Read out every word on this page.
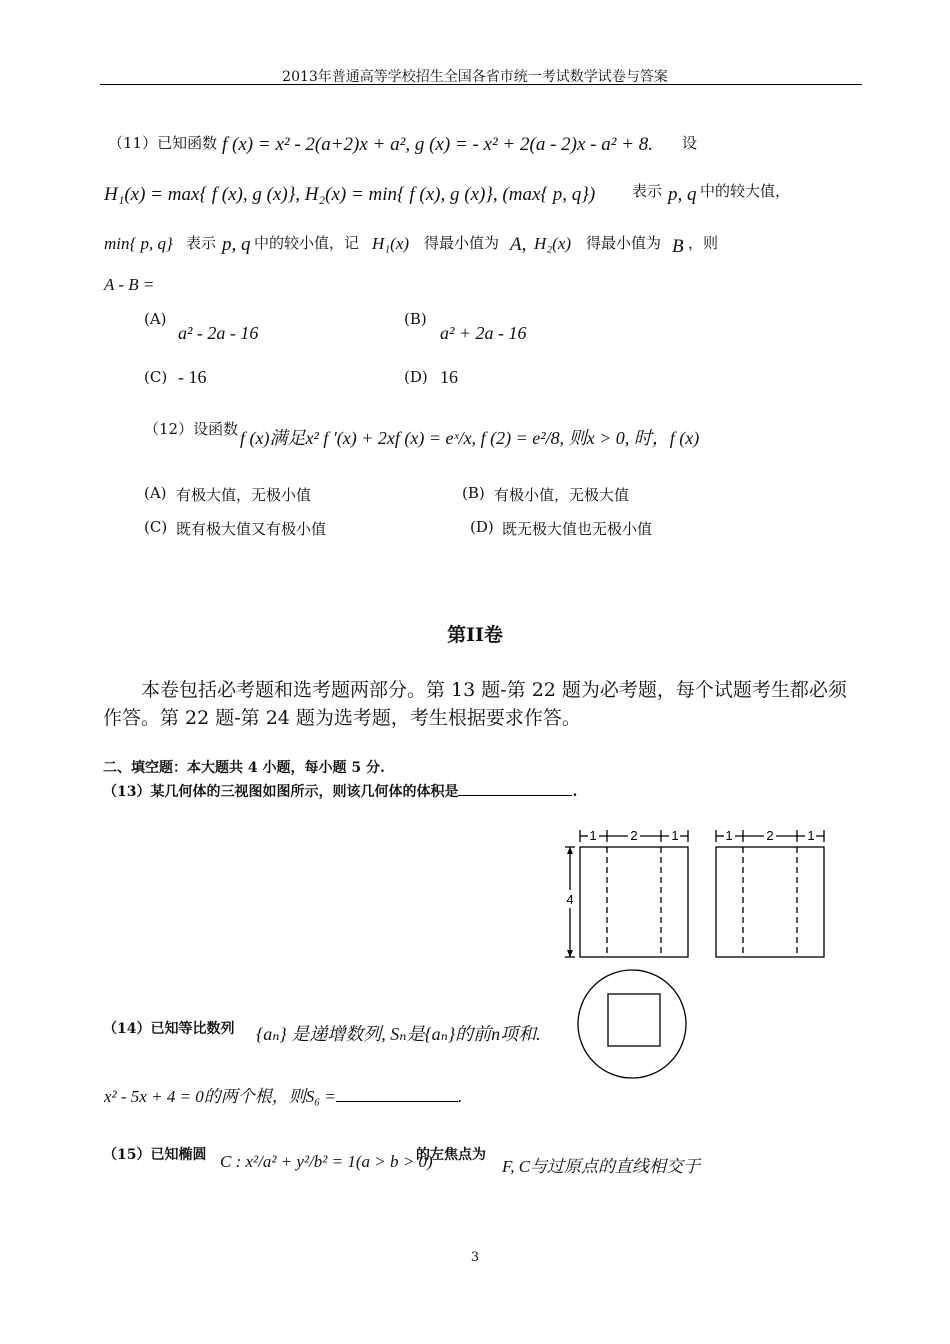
2013年普通高等学校招生全国各省市统一考试数学试卷与答案
（11）已知函数 f (x) = x² - 2(a+2)x + a², g (x) = - x² + 2(a - 2)x - a² + 8. 设
H₁(x) = max{ f (x), g (x)}, H₂(x) = min{ f (x), g (x)}, (max{ p, q}) 表示 p, q 中的较大值，
min{ p, q} 表示 p, q 中的较小值，记 H₁(x) 得最小值为 A, H₂(x) 得最小值为 B ，则
A - B =
(A)
a² - 2a - 16
(B)
a² + 2a - 16
(C) - 16	(D) 16
（12）设函数 f (x)满足x² f ′(x) + 2xf (x) = eˣ/x, f (2) = e²/8, 则x > 0, 时，f (x)
(A) 有极大值，无极小值	(B) 有极小值，无极大值
(C) 既有极大值又有极小值	(D) 既无极大值也无极小值
第II卷
本卷包括必考题和选考题两部分。第 13 题-第 22 题为必考题，每个试题考生都必须作答。第 22 题-第 24 题为选考题，考生根据要求作答。
二、填空题：本大题共 4 小题，每小题 5 分.
（13）某几何体的三视图如图所示，则该几何体的体积是	.
1	2	1	1	2	1
4
（14）已知等比数列 {aₙ} 是递增数列, Sₙ是{aₙ}的前n项和.
x² - 5x + 4 = 0的两个根，则S₆ =	.
（15）已知椭圆 C : x²/a² + y²/b² = 1(a > b > 0)
的左焦点为
F, C与过原点的直线相交于
3
